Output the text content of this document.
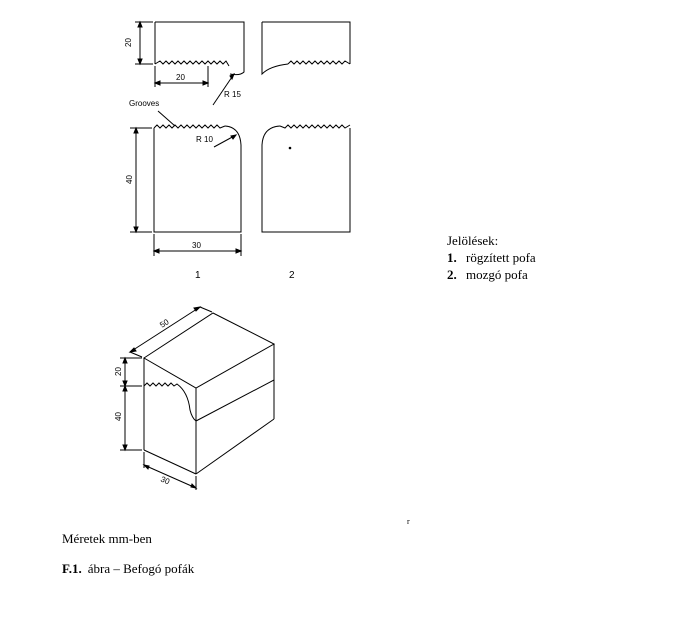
20
20
R 15
Grooves
R 10
40
30
1	2
50
20
40
30
Jelölések:
1. rögzített pofa
2. mozgó pofa
r
Méretek mm-ben
F.1. ábra – Befogó pofák
